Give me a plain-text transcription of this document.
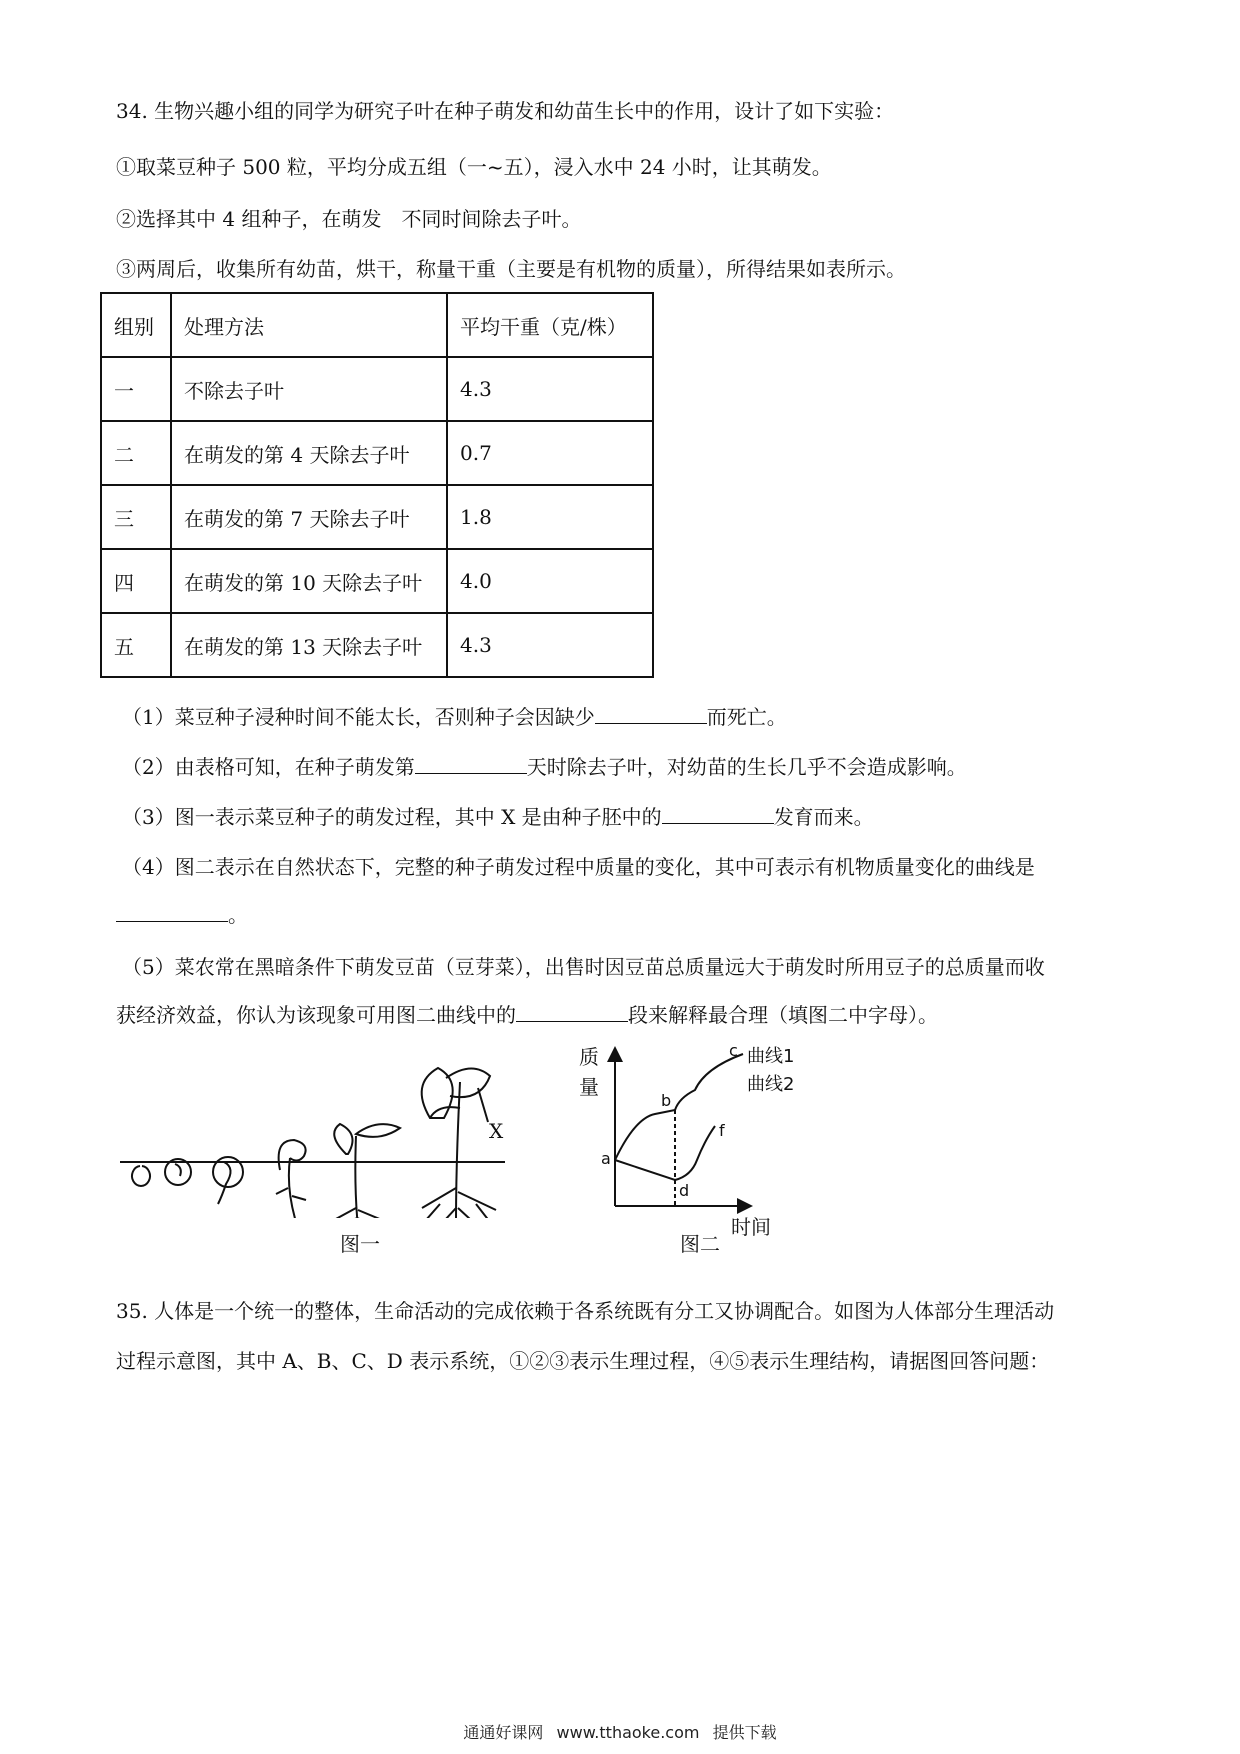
34. 生物兴趣小组的同学为研究子叶在种子萌发和幼苗生长中的作用，设计了如下实验：

①取菜豆种子 500 粒，平均分成五组（一~五），浸入水中 24 小时，让其萌发。

②选择其中 4 组种子，在萌发　不同时间除去子叶。

③两周后，收集所有幼苗，烘干，称量干重（主要是有机物的质量），所得结果如表所示。

组别	处理方法	平均干重（克/株）
一	不除去子叶	4.3
二	在萌发的第 4 天除去子叶	0.7
三	在萌发的第 7 天除去子叶	1.8
四	在萌发的第 10 天除去子叶	4.0
五	在萌发的第 13 天除去子叶	4.3

（1）菜豆种子浸种时间不能太长，否则种子会因缺少	而死亡。

（2）由表格可知，在种子萌发第	天时除去子叶，对幼苗的生长几乎不会造成影响。

（3）图一表示菜豆种子的萌发过程，其中 X 是由种子胚中的	发育而来。

（4）图二表示在自然状态下，完整的种子萌发过程中质量的变化，其中可表示有机物质量变化的曲线是

。

（5）菜农常在黑暗条件下萌发豆苗（豆芽菜），出售时因豆苗总质量远大于萌发时所用豆子的总质量而收

获经济效益，你认为该现象可用图二曲线中的	段来解释最合理（填图二中字母）。

X
图一
质
量
时间
曲线1
曲线2
a
b
c
d
f
图二

35. 人体是一个统一的整体，生命活动的完成依赖于各系统既有分工又协调配合。如图为人体部分生理活动

过程示意图，其中 A、B、C、D 表示系统，①②③表示生理过程，④⑤表示生理结构，请据图回答问题：

通通好课网 www.tthaoke.com 提供下载
